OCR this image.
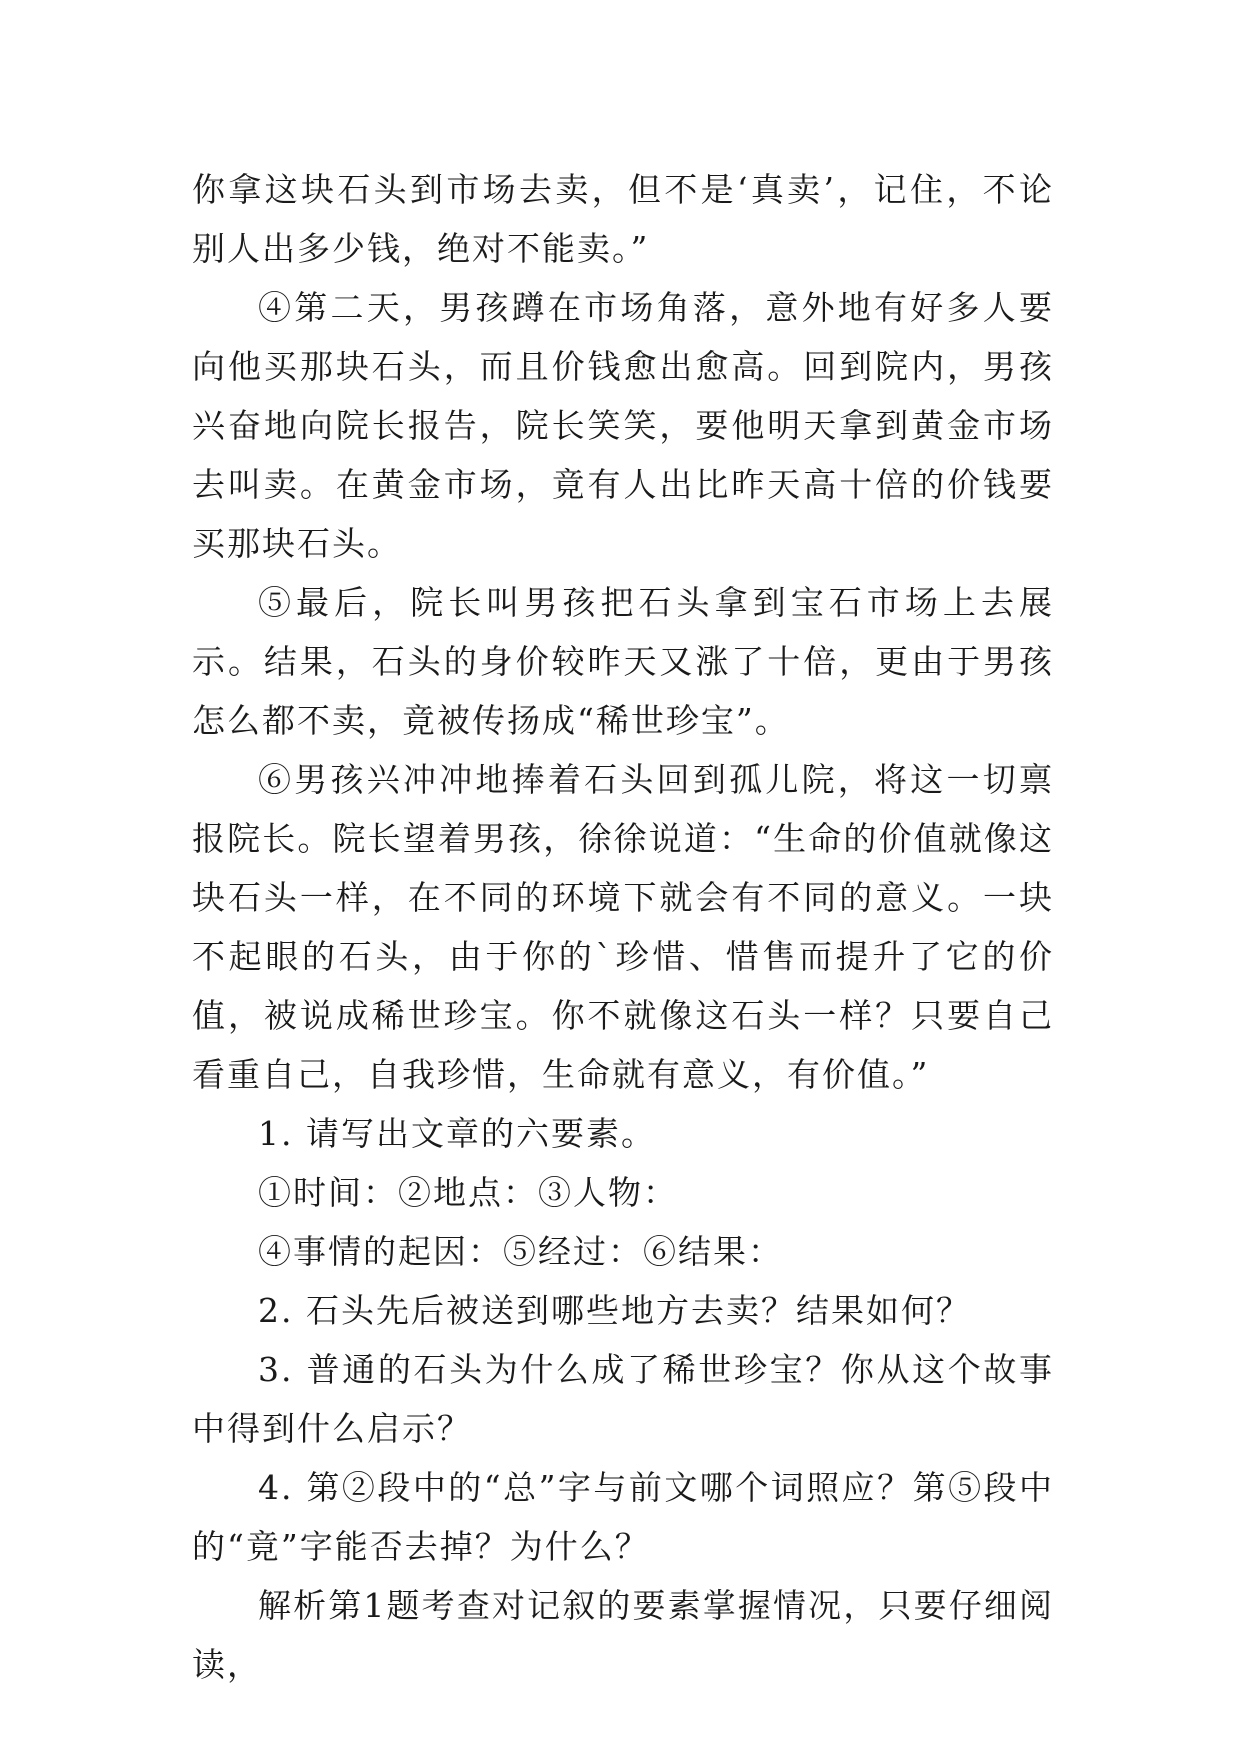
你拿这块石头到市场去卖，但不是‘真卖’，记住，不论别人出多少钱，绝对不能卖。”

④第二天，男孩蹲在市场角落，意外地有好多人要向他买那块石头，而且价钱愈出愈高。回到院内，男孩兴奋地向院长报告，院长笑笑，要他明天拿到黄金市场去叫卖。在黄金市场，竟有人出比昨天高十倍的价钱要买那块石头。

⑤最后，院长叫男孩把石头拿到宝石市场上去展示。结果，石头的身价较昨天又涨了十倍，更由于男孩怎么都不卖，竟被传扬成“稀世珍宝”。

⑥男孩兴冲冲地捧着石头回到孤儿院，将这一切禀报院长。院长望着男孩，徐徐说道：“生命的价值就像这块石头一样，在不同的环境下就会有不同的意义。一块不起眼的石头，由于你的`珍惜、惜售而提升了它的价值，被说成稀世珍宝。你不就像这石头一样？只要自己看重自己，自我珍惜，生命就有意义，有价值。”

1. 请写出文章的六要素。

①时间：②地点：③人物：

④事情的起因：⑤经过：⑥结果：

2. 石头先后被送到哪些地方去卖？结果如何？

3. 普通的石头为什么成了稀世珍宝？你从这个故事中得到什么启示？

4. 第②段中的“总”字与前文哪个词照应？第⑤段中的“竟”字能否去掉？为什么？

解析第1题考查对记叙的要素掌握情况，只要仔细阅读，
